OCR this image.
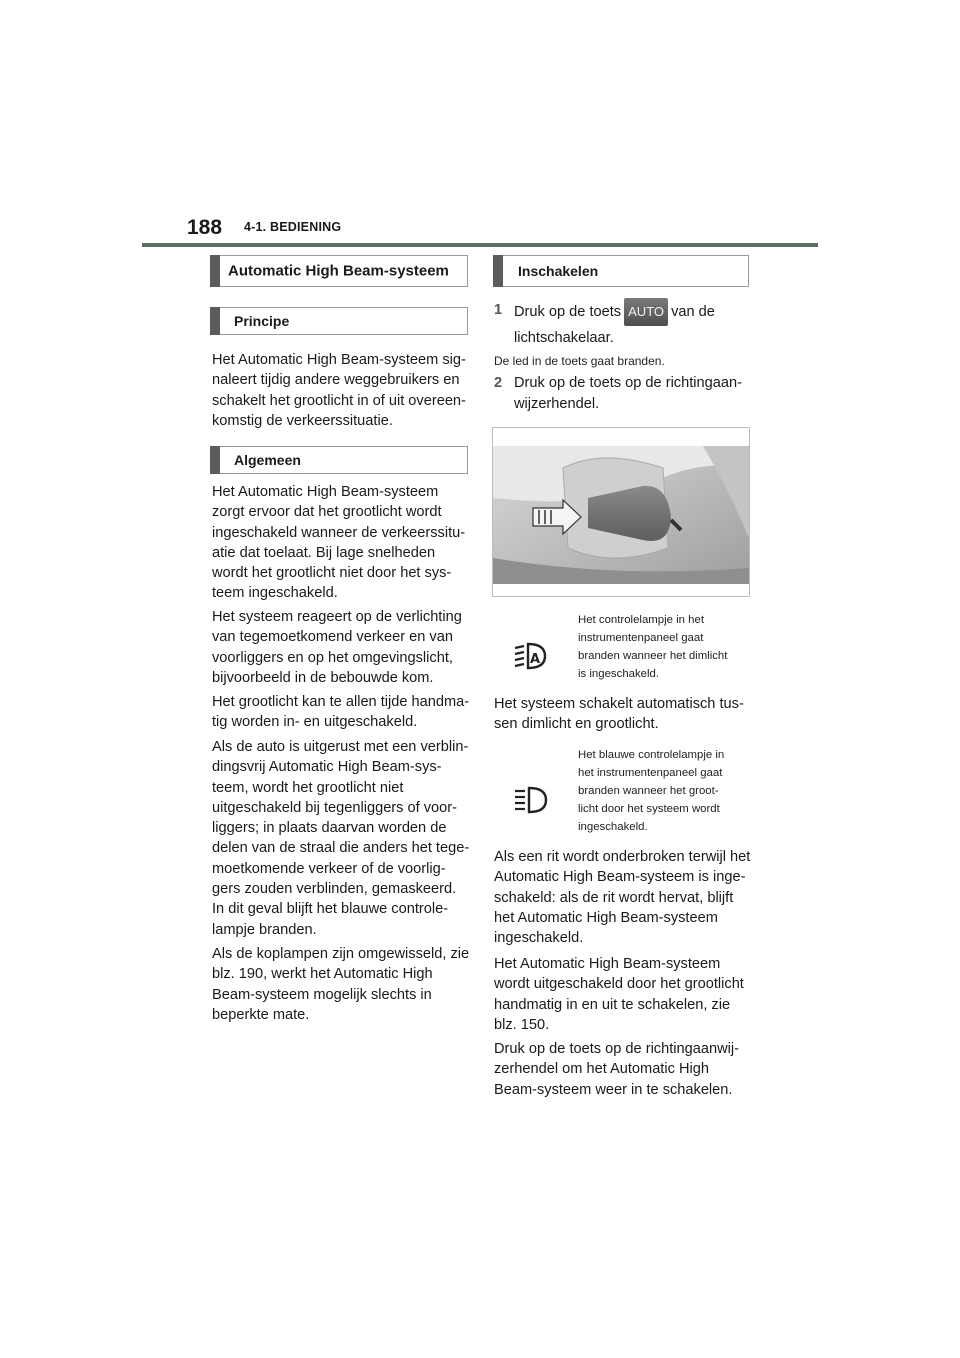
188 4-1. BEDIENING
Automatic High Beam-systeem
Principe
Het Automatic High Beam-systeem sig-
naleert tijdig andere weggebruikers en
schakelt het grootlicht in of uit overeen-
komstig de verkeerssituatie.
Algemeen
Het Automatic High Beam-systeem
zorgt ervoor dat het grootlicht wordt
ingeschakeld wanneer de verkeerssitu-
atie dat toelaat. Bij lage snelheden
wordt het grootlicht niet door het sys-
teem ingeschakeld.
Het systeem reageert op de verlichting
van tegemoetkomend verkeer en van
voorliggers en op het omgevingslicht,
bijvoorbeeld in de bebouwde kom.
Het grootlicht kan te allen tijde handma-
tig worden in- en uitgeschakeld.
Als de auto is uitgerust met een verblin-
dingsvrij Automatic High Beam-sys-
teem, wordt het grootlicht niet
uitgeschakeld bij tegenliggers of voor-
liggers; in plaats daarvan worden de
delen van de straal die anders het tege-
moetkomende verkeer of de voorlig-
gers zouden verblinden, gemaskeerd.
In dit geval blijft het blauwe controle-
lampje branden.
Als de koplampen zijn omgewisseld, zie
blz. 190, werkt het Automatic High
Beam-systeem mogelijk slechts in
beperkte mate.
Inschakelen
1 Druk op de toets AUTO van de
lichtschakelaar.
De led in de toets gaat branden.
2 Druk op de toets op de richtingaan-
wijzerhendel.
A
Het controlelampje in het
instrumentenpaneel gaat
branden wanneer het dimlicht
is ingeschakeld.
Het systeem schakelt automatisch tus-
sen dimlicht en grootlicht.
Het blauwe controlelampje in
het instrumentenpaneel gaat
branden wanneer het groot-
licht door het systeem wordt
ingeschakeld.
Als een rit wordt onderbroken terwijl het
Automatic High Beam-systeem is inge-
schakeld: als de rit wordt hervat, blijft
het Automatic High Beam-systeem
ingeschakeld.
Het Automatic High Beam-systeem
wordt uitgeschakeld door het grootlicht
handmatig in en uit te schakelen, zie
blz. 150.
Druk op de toets op de richtingaanwij-
zerhendel om het Automatic High
Beam-systeem weer in te schakelen.
